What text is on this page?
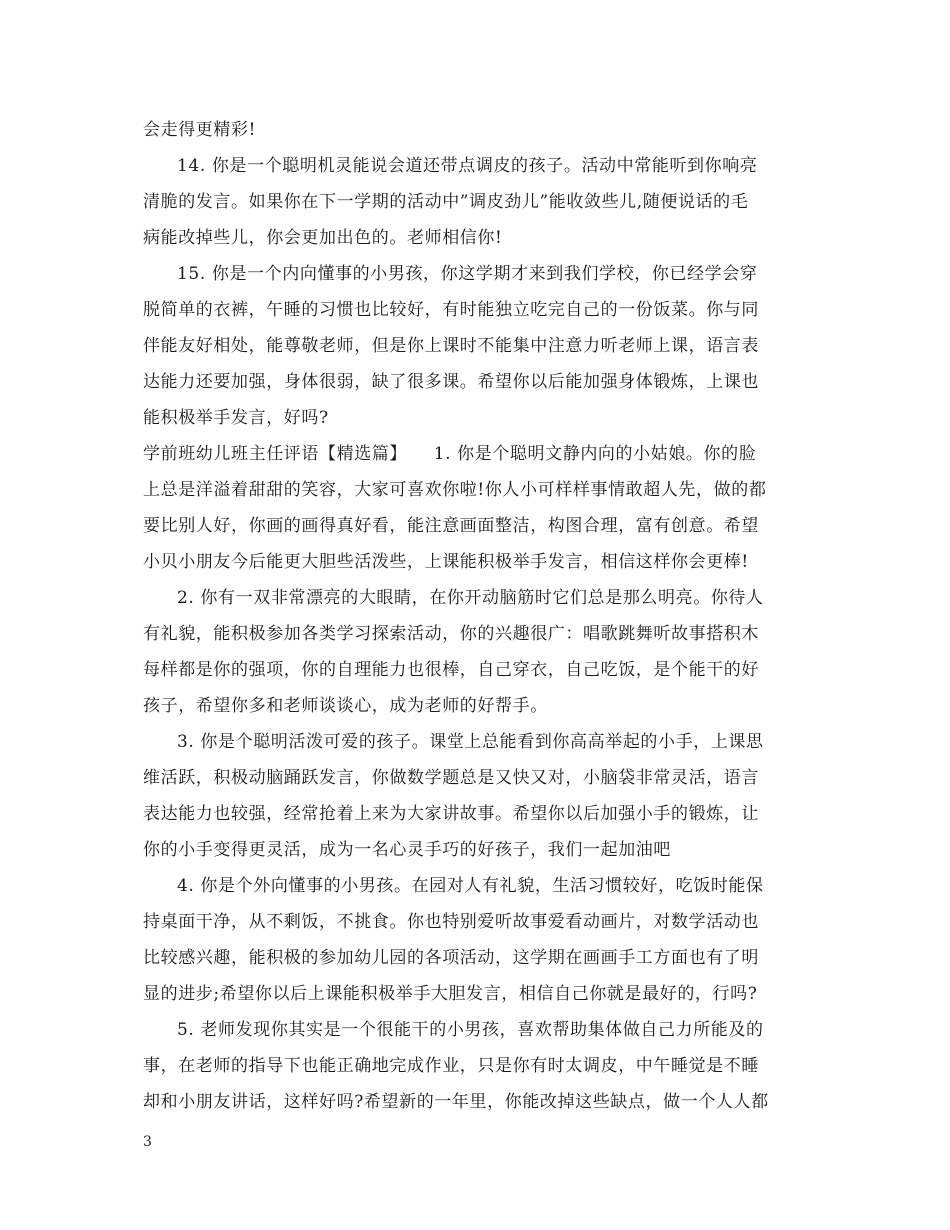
会走得更精彩!
14. 你是一个聪明机灵能说会道还带点调皮的孩子。活动中常能听到你响亮
清脆的发言。如果你在下一学期的活动中”调皮劲儿”能收敛些儿,随便说话的毛
病能改掉些儿，你会更加出色的。老师相信你!
15. 你是一个内向懂事的小男孩，你这学期才来到我们学校，你已经学会穿
脱简单的衣裤，午睡的习惯也比较好，有时能独立吃完自己的一份饭菜。你与同
伴能友好相处，能尊敬老师，但是你上课时不能集中注意力听老师上课，语言表
达能力还要加强，身体很弱，缺了很多课。希望你以后能加强身体锻炼，上课也
能积极举手发言，好吗?
学前班幼儿班主任评语【精选篇】　　1. 你是个聪明文静内向的小姑娘。你的脸
上总是洋溢着甜甜的笑容，大家可喜欢你啦!你人小可样样事情敢超人先，做的都
要比别人好，你画的画得真好看，能注意画面整洁，构图合理，富有创意。希望
小贝小朋友今后能更大胆些活泼些，上课能积极举手发言，相信这样你会更棒!
2. 你有一双非常漂亮的大眼睛，在你开动脑筋时它们总是那么明亮。你待人
有礼貌，能积极参加各类学习探索活动，你的兴趣很广：唱歌跳舞听故事搭积木
每样都是你的强项，你的自理能力也很棒，自己穿衣，自己吃饭，是个能干的好
孩子，希望你多和老师谈谈心，成为老师的好帮手。
3. 你是个聪明活泼可爱的孩子。课堂上总能看到你高高举起的小手，上课思
维活跃，积极动脑踊跃发言，你做数学题总是又快又对，小脑袋非常灵活，语言
表达能力也较强，经常抢着上来为大家讲故事。希望你以后加强小手的锻炼，让
你的小手变得更灵活，成为一名心灵手巧的好孩子，我们一起加油吧
4. 你是个外向懂事的小男孩。在园对人有礼貌，生活习惯较好，吃饭时能保
持桌面干净，从不剩饭，不挑食。你也特别爱听故事爱看动画片，对数学活动也
比较感兴趣，能积极的参加幼儿园的各项活动，这学期在画画手工方面也有了明
显的进步;希望你以后上课能积极举手大胆发言，相信自己你就是最好的，行吗?
5. 老师发现你其实是一个很能干的小男孩，喜欢帮助集体做自己力所能及的
事，在老师的指导下也能正确地完成作业，只是你有时太调皮，中午睡觉是不睡
却和小朋友讲话，这样好吗?希望新的一年里，你能改掉这些缺点，做一个人人都
3
